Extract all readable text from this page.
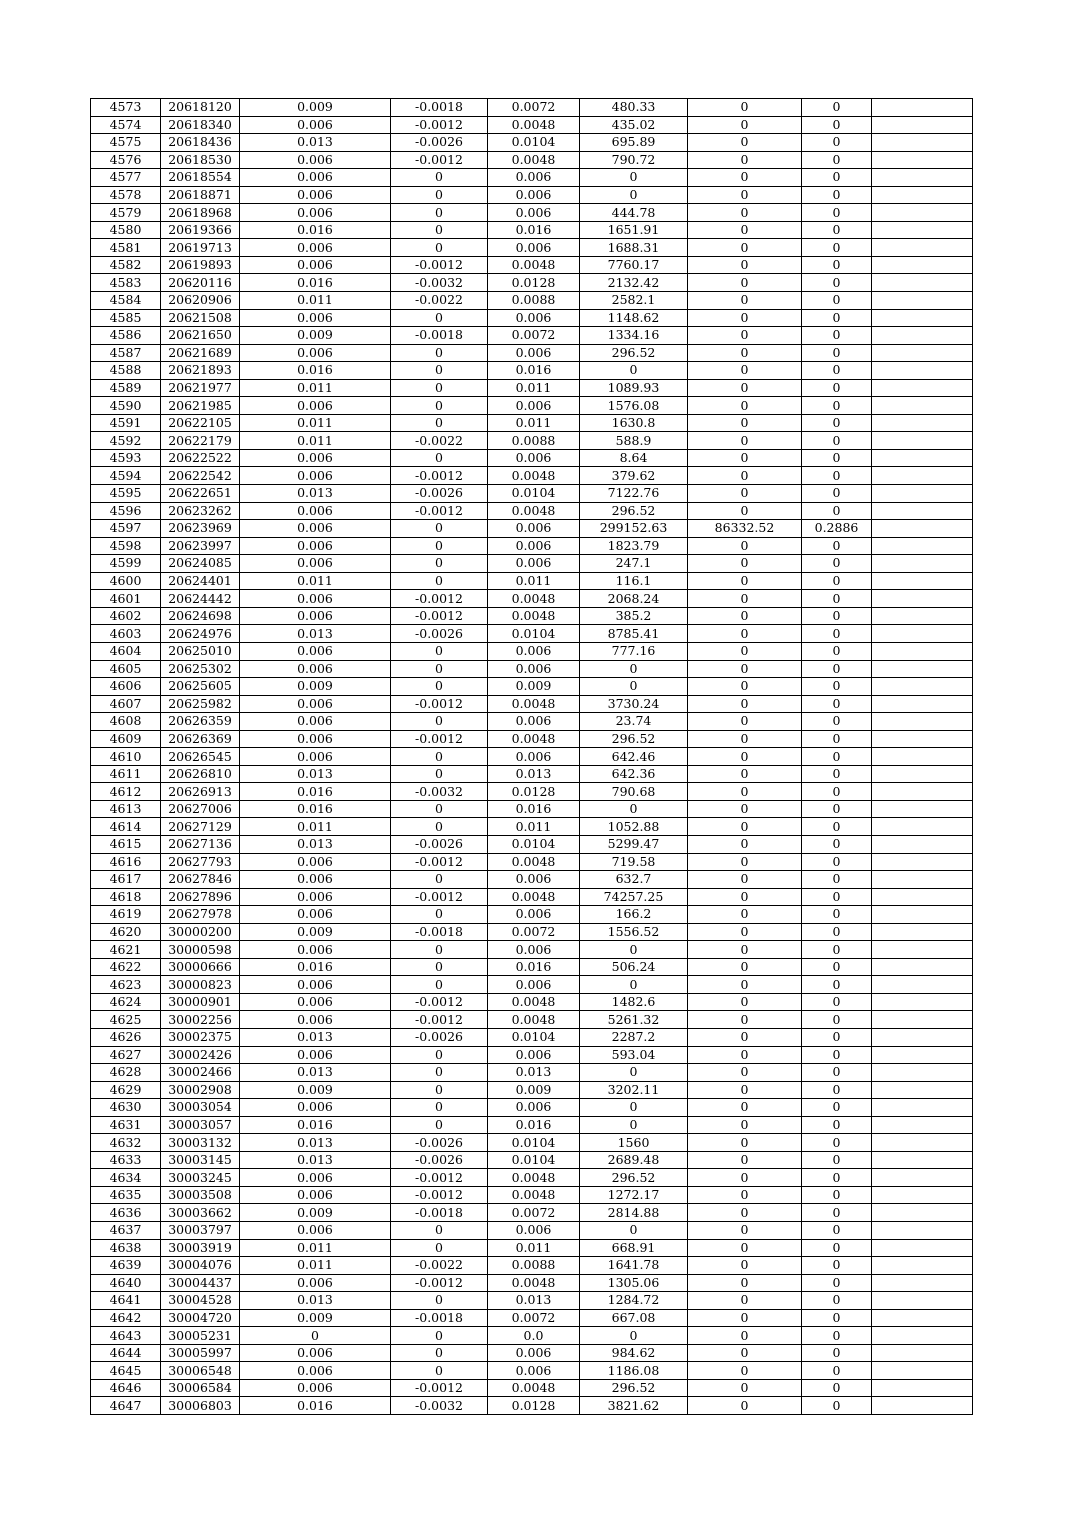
4573	20618120	0.009	-0.0018	0.0072	480.33	0	0	
4574	20618340	0.006	-0.0012	0.0048	435.02	0	0	
4575	20618436	0.013	-0.0026	0.0104	695.89	0	0	
4576	20618530	0.006	-0.0012	0.0048	790.72	0	0	
4577	20618554	0.006	0	0.006	0	0	0	
4578	20618871	0.006	0	0.006	0	0	0	
4579	20618968	0.006	0	0.006	444.78	0	0	
4580	20619366	0.016	0	0.016	1651.91	0	0	
4581	20619713	0.006	0	0.006	1688.31	0	0	
4582	20619893	0.006	-0.0012	0.0048	7760.17	0	0	
4583	20620116	0.016	-0.0032	0.0128	2132.42	0	0	
4584	20620906	0.011	-0.0022	0.0088	2582.1	0	0	
4585	20621508	0.006	0	0.006	1148.62	0	0	
4586	20621650	0.009	-0.0018	0.0072	1334.16	0	0	
4587	20621689	0.006	0	0.006	296.52	0	0	
4588	20621893	0.016	0	0.016	0	0	0	
4589	20621977	0.011	0	0.011	1089.93	0	0	
4590	20621985	0.006	0	0.006	1576.08	0	0	
4591	20622105	0.011	0	0.011	1630.8	0	0	
4592	20622179	0.011	-0.0022	0.0088	588.9	0	0	
4593	20622522	0.006	0	0.006	8.64	0	0	
4594	20622542	0.006	-0.0012	0.0048	379.62	0	0	
4595	20622651	0.013	-0.0026	0.0104	7122.76	0	0	
4596	20623262	0.006	-0.0012	0.0048	296.52	0	0	
4597	20623969	0.006	0	0.006	299152.63	86332.52	0.2886	
4598	20623997	0.006	0	0.006	1823.79	0	0	
4599	20624085	0.006	0	0.006	247.1	0	0	
4600	20624401	0.011	0	0.011	116.1	0	0	
4601	20624442	0.006	-0.0012	0.0048	2068.24	0	0	
4602	20624698	0.006	-0.0012	0.0048	385.2	0	0	
4603	20624976	0.013	-0.0026	0.0104	8785.41	0	0	
4604	20625010	0.006	0	0.006	777.16	0	0	
4605	20625302	0.006	0	0.006	0	0	0	
4606	20625605	0.009	0	0.009	0	0	0	
4607	20625982	0.006	-0.0012	0.0048	3730.24	0	0	
4608	20626359	0.006	0	0.006	23.74	0	0	
4609	20626369	0.006	-0.0012	0.0048	296.52	0	0	
4610	20626545	0.006	0	0.006	642.46	0	0	
4611	20626810	0.013	0	0.013	642.36	0	0	
4612	20626913	0.016	-0.0032	0.0128	790.68	0	0	
4613	20627006	0.016	0	0.016	0	0	0	
4614	20627129	0.011	0	0.011	1052.88	0	0	
4615	20627136	0.013	-0.0026	0.0104	5299.47	0	0	
4616	20627793	0.006	-0.0012	0.0048	719.58	0	0	
4617	20627846	0.006	0	0.006	632.7	0	0	
4618	20627896	0.006	-0.0012	0.0048	74257.25	0	0	
4619	20627978	0.006	0	0.006	166.2	0	0	
4620	30000200	0.009	-0.0018	0.0072	1556.52	0	0	
4621	30000598	0.006	0	0.006	0	0	0	
4622	30000666	0.016	0	0.016	506.24	0	0	
4623	30000823	0.006	0	0.006	0	0	0	
4624	30000901	0.006	-0.0012	0.0048	1482.6	0	0	
4625	30002256	0.006	-0.0012	0.0048	5261.32	0	0	
4626	30002375	0.013	-0.0026	0.0104	2287.2	0	0	
4627	30002426	0.006	0	0.006	593.04	0	0	
4628	30002466	0.013	0	0.013	0	0	0	
4629	30002908	0.009	0	0.009	3202.11	0	0	
4630	30003054	0.006	0	0.006	0	0	0	
4631	30003057	0.016	0	0.016	0	0	0	
4632	30003132	0.013	-0.0026	0.0104	1560	0	0	
4633	30003145	0.013	-0.0026	0.0104	2689.48	0	0	
4634	30003245	0.006	-0.0012	0.0048	296.52	0	0	
4635	30003508	0.006	-0.0012	0.0048	1272.17	0	0	
4636	30003662	0.009	-0.0018	0.0072	2814.88	0	0	
4637	30003797	0.006	0	0.006	0	0	0	
4638	30003919	0.011	0	0.011	668.91	0	0	
4639	30004076	0.011	-0.0022	0.0088	1641.78	0	0	
4640	30004437	0.006	-0.0012	0.0048	1305.06	0	0	
4641	30004528	0.013	0	0.013	1284.72	0	0	
4642	30004720	0.009	-0.0018	0.0072	667.08	0	0	
4643	30005231	0	0	0.0	0	0	0	
4644	30005997	0.006	0	0.006	984.62	0	0	
4645	30006548	0.006	0	0.006	1186.08	0	0	
4646	30006584	0.006	-0.0012	0.0048	296.52	0	0	
4647	30006803	0.016	-0.0032	0.0128	3821.62	0	0	
